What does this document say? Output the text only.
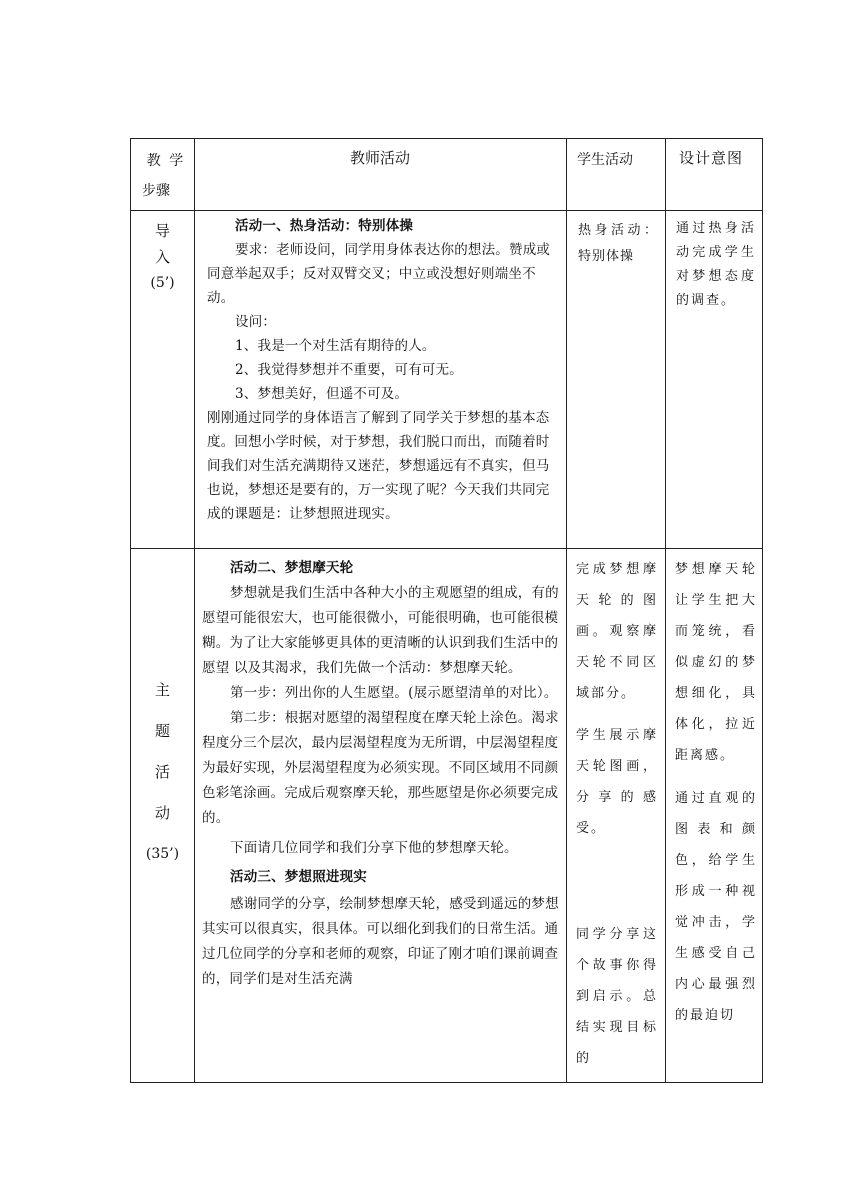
教 学
步骤
教师活动	学生活动	设计意图
导
入
(5’)

活动一、热身活动：特别体操

要求：老师设问，同学用身体表达你的想法。赞成或同意举起双手；反对双臂交叉；中立或没想好则端坐不动。

设问：

1、我是一个对生活有期待的人。

2、我觉得梦想并不重要，可有可无。

3、梦想美好，但遥不可及。

刚刚通过同学的身体语言了解到了同学关于梦想的基本态度。回想小学时候，对于梦想，我们脱口而出，而随着时间我们对生活充满期待又迷茫，梦想遥远有不真实，但马也说，梦想还是要有的，万一实现了呢？今天我们共同完成的课题是：让梦想照进现实。

热身活动：特别体操

通过热身活动完成学生对梦想态度的调查。

主
题
活
动
(35’)

活动二、梦想摩天轮

梦想就是我们生活中各种大小的主观愿望的组成，有的愿望可能很宏大，也可能很微小，可能很明确，也可能很模糊。为了让大家能够更具体的更清晰的认识到我们生活中的愿望 以及其渴求，我们先做一个活动：梦想摩天轮。

第一步：列出你的人生愿望。(展示愿望清单的对比）。

第二步：根据对愿望的渴望程度在摩天轮上涂色。渴求程度分三个层次，最内层渴望程度为无所谓，中层渴望程度为最好实现，外层渴望程度为必须实现。不同区域用不同颜色彩笔涂画。完成后观察摩天轮，那些愿望是你必须要完成的。

下面请几位同学和我们分享下他的梦想摩天轮。

活动三、梦想照进现实

感谢同学的分享，绘制梦想摩天轮，感受到遥远的梦想其实可以很真实，很具体。可以细化到我们的日常生活。通过几位同学的分享和老师的观察，印证了刚才咱们课前调查的，同学们是对生活充满

完成梦想摩天轮的图画。观察摩天轮不同区域部分。

学生展示摩天轮图画，分享的感受。

同学分享这个故事你得到启示。总结实现目标的

梦想摩天轮让学生把大而笼统，看似虚幻的梦想细化，具体化，拉近距离感。

通过直观的图表和颜色，给学生形成一种视觉冲击，学生感受自己内心最强烈的最迫切
